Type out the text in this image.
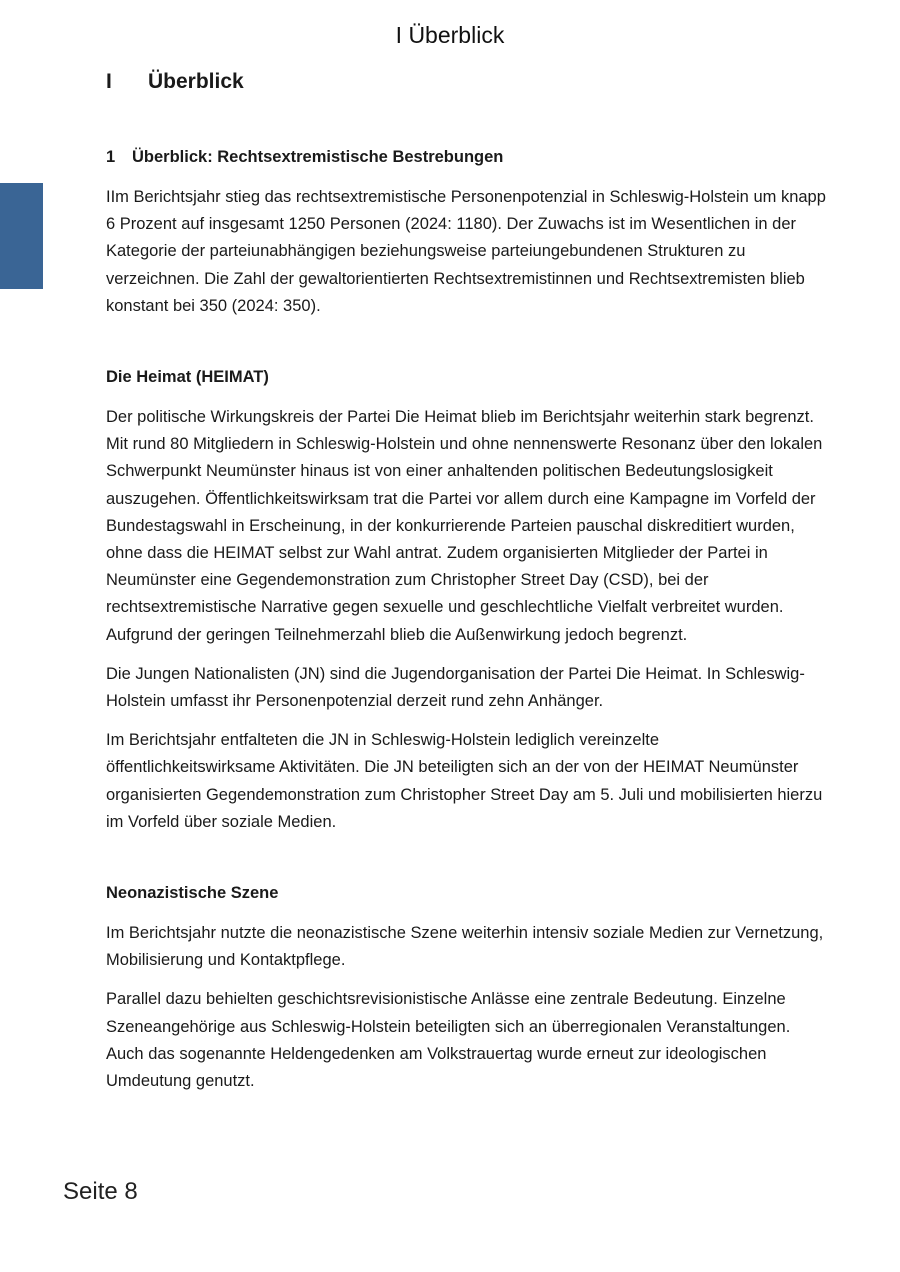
I Überblick
I	Überblick
1	Überblick: Rechtsextremistische Bestrebungen

IIm Berichtsjahr stieg das rechtsextremistische Personenpotenzial in Schleswig-Holstein um knapp 6 Prozent auf insgesamt 1250 Personen (2024: 1180). Der Zuwachs ist im Wesentlichen in der Kategorie der parteiunabhängigen beziehungsweise parteiungebundenen Strukturen zu verzeichnen. Die Zahl der gewaltorientierten Rechtsextremistinnen und Rechtsextremisten blieb konstant bei 350 (2024: 350).

Die Heimat (HEIMAT)

Der politische Wirkungskreis der Partei Die Heimat blieb im Berichtsjahr weiterhin stark begrenzt. Mit rund 80 Mitgliedern in Schleswig-Holstein und ohne nennenswerte Resonanz über den lokalen Schwerpunkt Neumünster hinaus ist von einer anhaltenden politischen Bedeutungslosigkeit auszugehen. Öffentlichkeitswirksam trat die Partei vor allem durch eine Kampagne im Vorfeld der Bundestagswahl in Erscheinung, in der konkurrierende Parteien pauschal diskreditiert wurden, ohne dass die HEIMAT selbst zur Wahl antrat. Zudem organisierten Mitglieder der Partei in Neumünster eine Gegendemonstration zum Christopher Street Day (CSD), bei der rechtsextremistische Narrative gegen sexuelle und geschlechtliche Vielfalt verbreitet wurden. Aufgrund der geringen Teilnehmerzahl blieb die Außenwirkung jedoch begrenzt.

Die Jungen Nationalisten (JN) sind die Jugendorganisation der Partei Die Heimat. In Schleswig-Holstein umfasst ihr Personenpotenzial derzeit rund zehn Anhänger.

Im Berichtsjahr entfalteten die JN in Schleswig-Holstein lediglich vereinzelte öffentlichkeitswirksame Aktivitäten. Die JN beteiligten sich an der von der HEIMAT Neumünster organisierten Gegendemonstration zum Christopher Street Day am 5. Juli und mobilisierten hierzu im Vorfeld über soziale Medien.

Neonazistische Szene

Im Berichtsjahr nutzte die neonazistische Szene weiterhin intensiv soziale Medien zur Vernetzung, Mobilisierung und Kontaktpflege.

Parallel dazu behielten geschichtsrevisionistische Anlässe eine zentrale Bedeutung. Einzelne Szeneangehörige aus Schleswig-Holstein beteiligten sich an überregionalen Veranstaltungen. Auch das sogenannte Heldengedenken am Volkstrauertag wurde erneut zur ideologischen Umdeutung genutzt.

Seite 8
